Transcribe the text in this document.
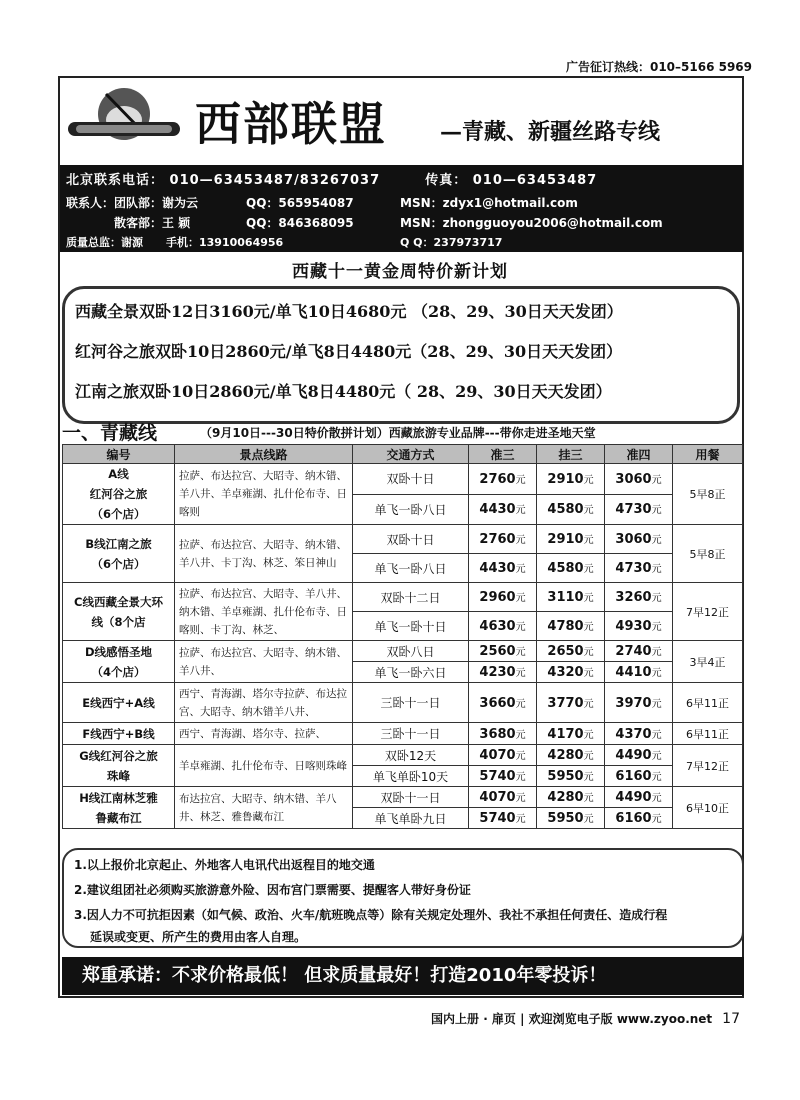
广告征订热线：010–5166 5969
西部联盟 —青藏、新疆丝路专线
北京联系电话： 010—63453487/83267037	传真： 010—63453487
联系人：团队部：谢为云	QQ：565954087	MSN：zdyx1@hotmail.com
散客部：王 颖	QQ：846368095	MSN：zhongguoyou2006@hotmail.com
质量总监：谢源 手机：13910064956	Q Q：237973717
西藏十一黄金周特价新计划
西藏全景双卧12日3160元/单飞10日4680元 （28、29、30日天天发团）
红河谷之旅双卧10日2860元/单飞8日4480元（28、29、30日天天发团）
江南之旅双卧10日2860元/单飞8日4480元（ 28、29、30日天天发团）
一、青藏线	（9月10日---30日特价散拼计划）西藏旅游专业品牌---带你走进圣地天堂
编号	景点线路	交通方式	准三	挂三	准四	用餐

A线
红河谷之旅
（6个店）	拉萨、布达拉宫、大昭寺、纳木错、羊八井、羊卓雍湖、扎什伦布寺、日喀则	双卧十日	2760元	2910元	3060元	5早8正
		单飞一卧八日	4430元	4580元	4730元	

B线江南之旅
（6个店）	拉萨、布达拉宫、大昭寺、纳木错、羊八井、卡丁沟、林芝、笨日神山	双卧十日	2760元	2910元	3060元	5早8正
		单飞一卧八日	4430元	4580元	4730元	

C线西藏全景大环
线（8个店	拉萨、布达拉宫、大昭寺、羊八井、纳木错、羊卓雍湖、扎什伦布寺、日喀则、卡丁沟、林芝、	双卧十二日	2960元	3110元	3260元	7早12正
		单飞一卧十日	4630元	4780元	4930元	

D线感悟圣地
（4个店）	拉萨、布达拉宫、大昭寺、纳木错、羊八井、	双卧八日	2560元	2650元	2740元	3早4正
		单飞一卧六日	4230元	4320元	4410元	

E线西宁+A线	西宁、青海湖、塔尔寺拉萨、布达拉宫、大昭寺、纳木错羊八井、	三卧十一日	3660元	3770元	3970元	6早11正

F线西宁+B线	西宁、青海湖、塔尔寺、拉萨、	三卧十一日	3680元	4170元	4370元	6早11正

G线红河谷之旅
珠峰	羊卓雍湖、扎什伦布寺、日喀则珠峰	双卧12天	4070元	4280元	4490元	7早12正
		单飞单卧10天	5740元	5950元	6160元	

H线江南林芝雅
鲁藏布江	布达拉宫、大昭寺、纳木错、羊八井、林芝、雅鲁藏布江	双卧十一日	4070元	4280元	4490元	6早10正
		单飞单卧九日	5740元	5950元	6160元	
1.以上报价北京起止、外地客人电讯代出返程目的地交通
2.建议组团社必须购买旅游意外险、因布宫门票需要、提醒客人带好身份证
3.因人力不可抗拒因素（如气候、政治、火车/航班晚点等）除有关规定处理外、我社不承担任何责任、造成行程
延误或变更、所产生的费用由客人自理。
郑重承诺：不求价格最低！ 但求质量最好！打造2010年零投诉！
国内上册 · 扉页 | 欢迎浏览电子版 www.zyoo.net 17
